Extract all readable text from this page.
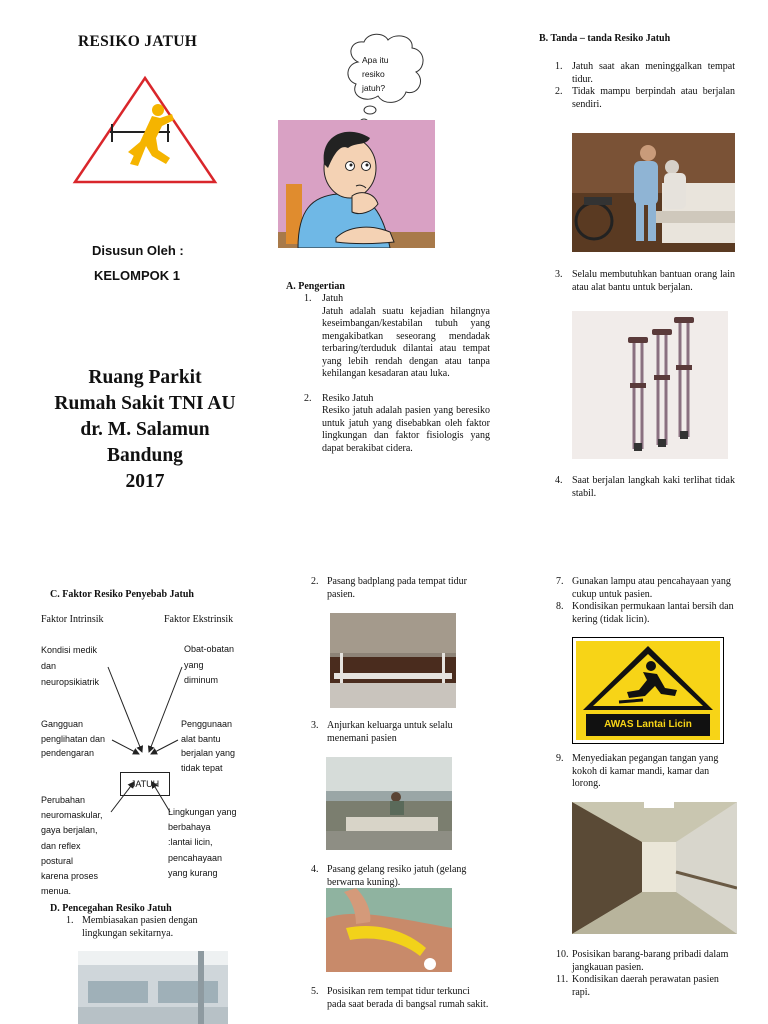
RESIKO JATUH
Disusun Oleh :
KELOMPOK 1
Ruang Parkit
Rumah Sakit TNI AU
dr. M. Salamun
Bandung
2017
Apa itu
resiko
jatuh?
A. Pengertian
1. Jatuh
Jatuh adalah suatu kejadian hilangnya keseimbangan/kestabilan tubuh yang mengakibatkan seseorang mendadak terbaring/terduduk dilantai atau tempat yang lebih rendah dengan atau tanpa kehilangan kesadaran atau luka.
2. Resiko Jatuh
Resiko jatuh adalah pasien yang beresiko untuk jatuh yang disebabkan oleh faktor lingkungan dan faktor fisiologis yang dapat berakibat cidera.
B. Tanda – tanda Resiko Jatuh
1. Jatuh saat akan meninggalkan tempat tidur.
2. Tidak mampu berpindah atau berjalan sendiri.
3. Selalu membutuhkan bantuan orang lain atau alat bantu untuk berjalan.
4. Saat berjalan langkah kaki terlihat tidak stabil.
C. Faktor Resiko Penyebab Jatuh
Faktor Intrinsik	Faktor Ekstrinsik
Kondisi medik
dan
neuropsikiatrik
Gangguan
penglihatan dan
pendengaran
Perubahan
neuromaskular,
gaya berjalan,
dan reflex
postural
karena proses
menua.
Obat-obatan
yang
diminum
Penggunaan
alat bantu
berjalan yang
tidak tepat
Lingkungan yang
berbahaya
:lantai licin,
pencahayaan
yang kurang
JATUH
D. Pencegahan Resiko Jatuh
1. Membiasakan pasien dengan lingkungan sekitarnya.
2. Pasang badplang pada tempat tidur pasien.
3. Anjurkan keluarga untuk selalu menemani pasien
4. Pasang gelang resiko jatuh (gelang berwarna kuning).
5. Posisikan rem tempat tidur terkunci pada saat berada di bangsal rumah sakit.
7. Gunakan lampu atau pencahayaan yang cukup untuk pasien.
8. Kondisikan permukaan lantai bersih dan kering (tidak licin).
AWAS Lantai Licin
9. Menyediakan pegangan tangan yang kokoh di kamar mandi, kamar dan lorong.
10. Posisikan barang-barang pribadi dalam jangkauan pasien.
11. Kondisikan daerah perawatan pasien rapi.
